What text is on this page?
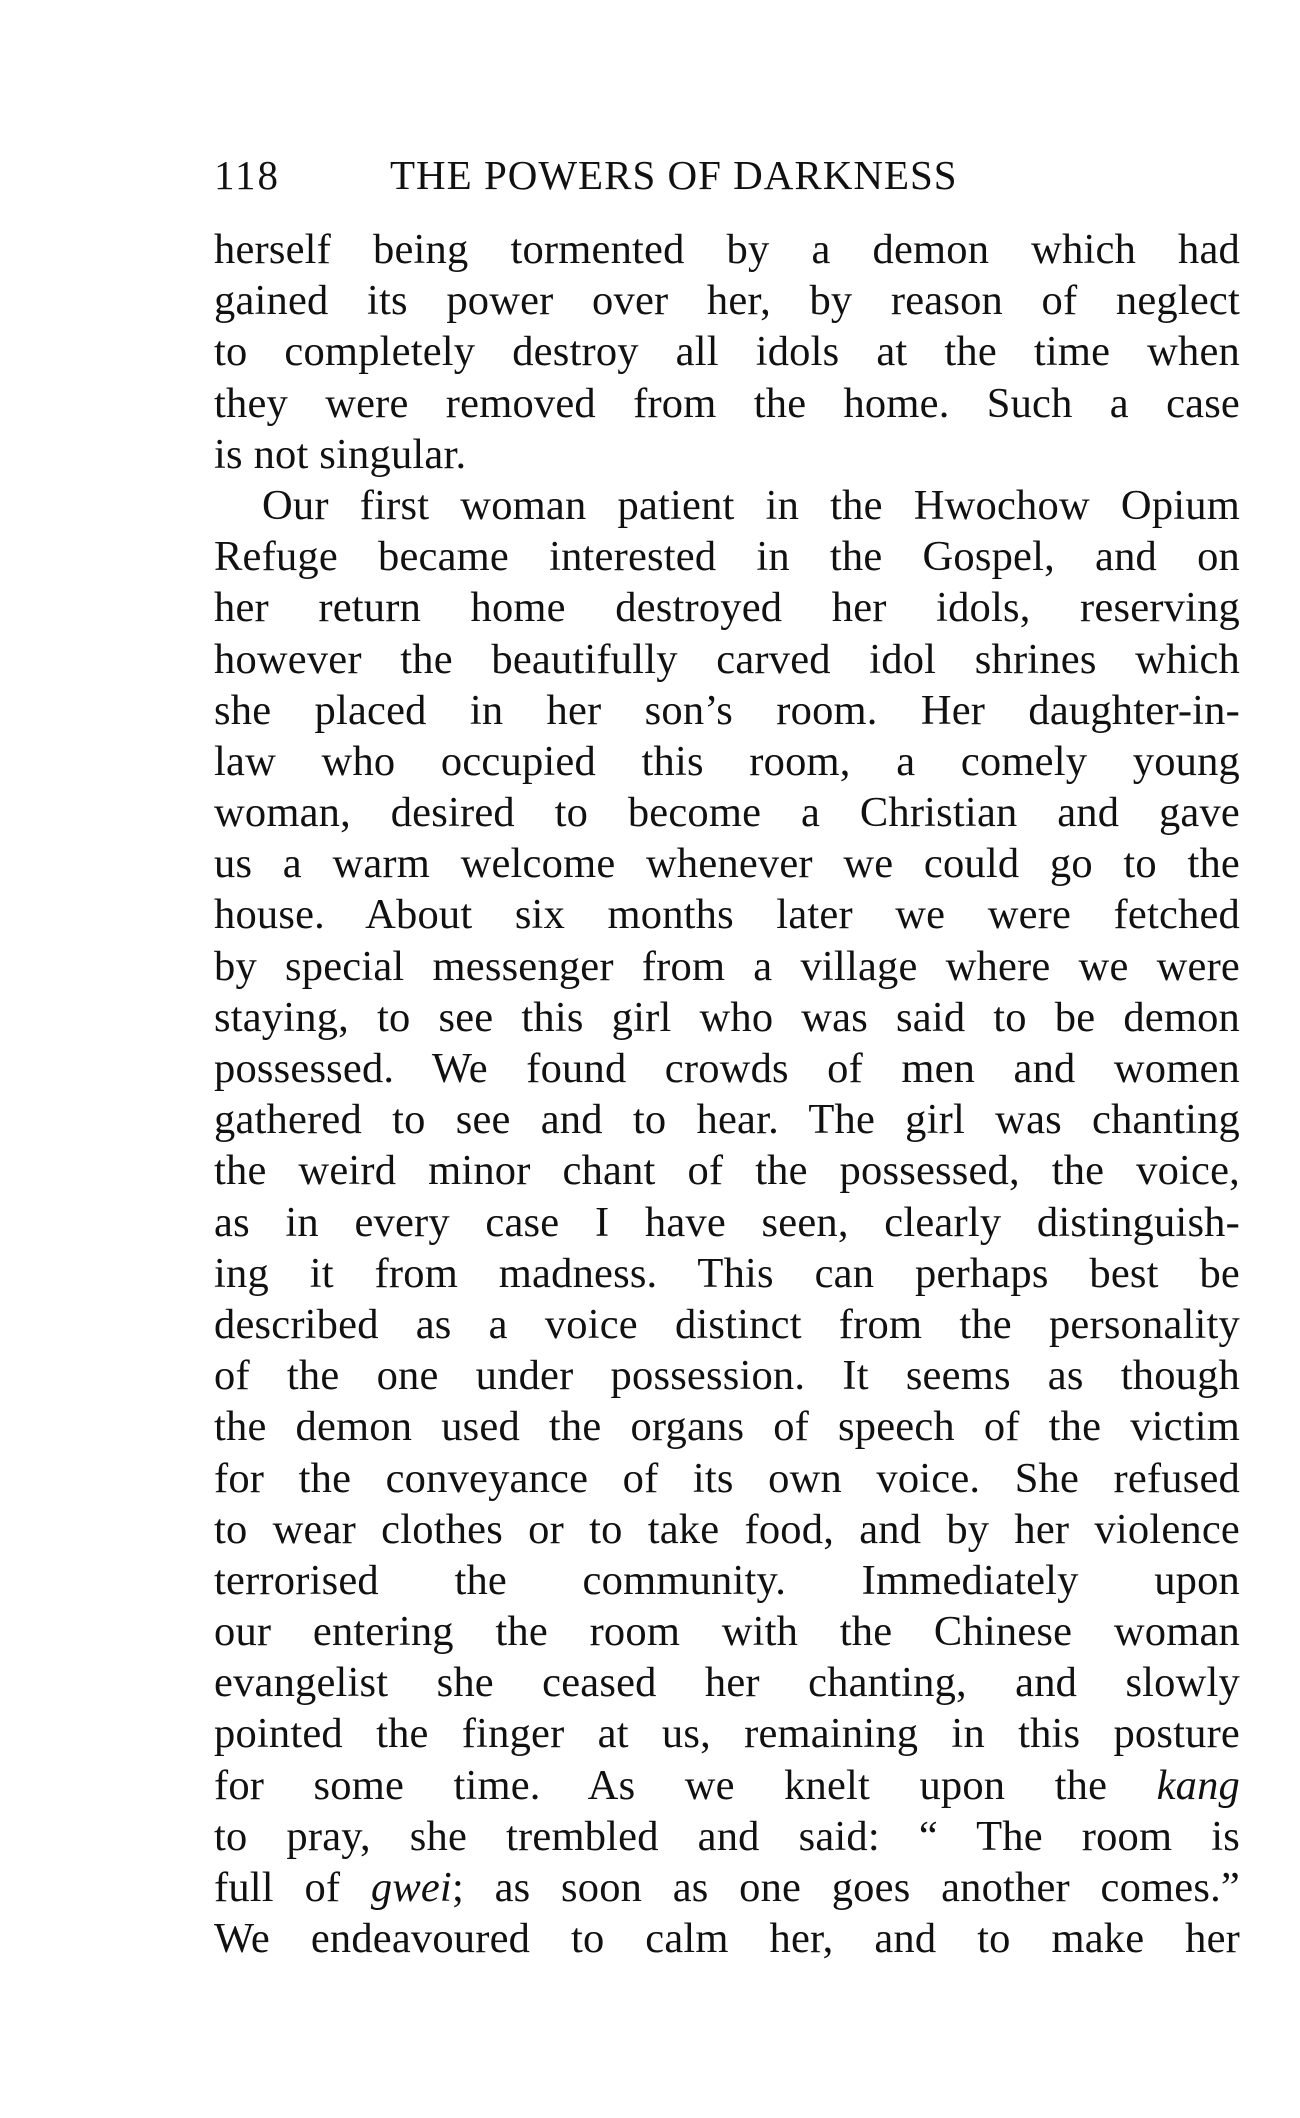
118	THE POWERS OF DARKNESS
herself being tormented by a demon which had
gained its power over her, by reason of neglect
to completely destroy all idols at the time when
they were removed from the home. Such a case
is not singular.
Our first woman patient in the Hwochow Opium
Refuge became interested in the Gospel, and on
her return home destroyed her idols, reserving
however the beautifully carved idol shrines which
she placed in her son’s room. Her daughter-in-
law who occupied this room, a comely young
woman, desired to become a Christian and gave
us a warm welcome whenever we could go to the
house. About six months later we were fetched
by special messenger from a village where we were
staying, to see this girl who was said to be demon
possessed. We found crowds of men and women
gathered to see and to hear. The girl was chanting
the weird minor chant of the possessed, the voice,
as in every case I have seen, clearly distinguish-
ing it from madness. This can perhaps best be
described as a voice distinct from the personality
of the one under possession. It seems as though
the demon used the organs of speech of the victim
for the conveyance of its own voice. She refused
to wear clothes or to take food, and by her violence
terrorised the community. Immediately upon
our entering the room with the Chinese woman
evangelist she ceased her chanting, and slowly
pointed the finger at us, remaining in this posture
for some time. As we knelt upon the kang
to pray, she trembled and said: “ The room is
full of gwei; as soon as one goes another comes.”
We endeavoured to calm her, and to make her
